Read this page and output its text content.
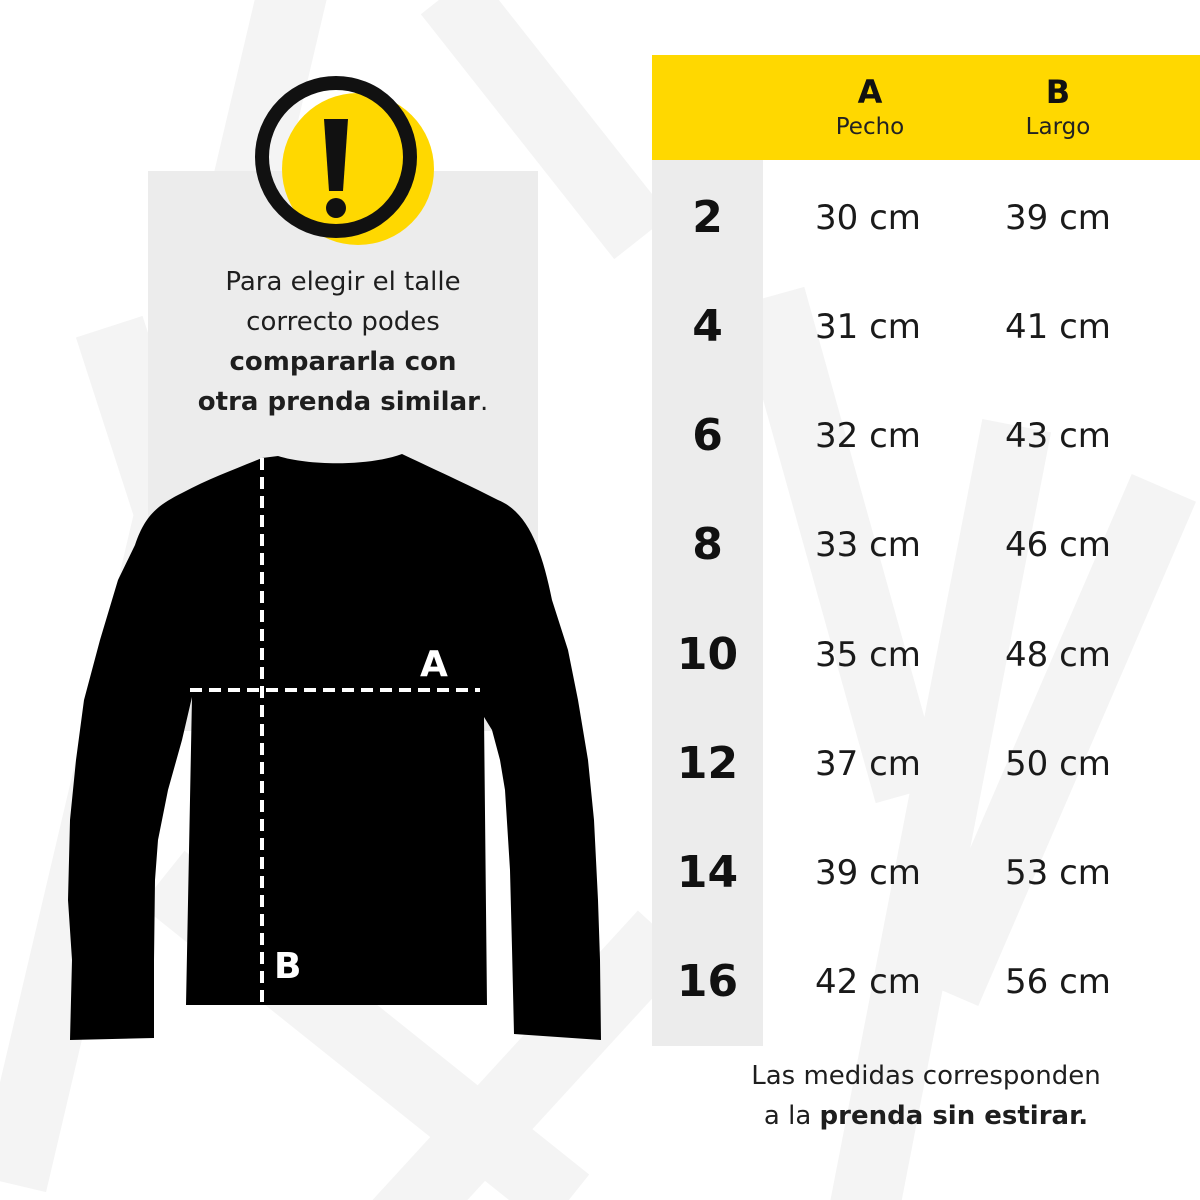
Para elegir el talle
correcto podes
compararla con
otra prenda similar.
A
B
A
Pecho
B
Largo
2	30 cm	39 cm
4	31 cm	41 cm
6	32 cm	43 cm
8	33 cm	46 cm
10	35 cm	48 cm
12	37 cm	50 cm
14	39 cm	53 cm
16	42 cm	56 cm
Las medidas corresponden
a la prenda sin estirar.
